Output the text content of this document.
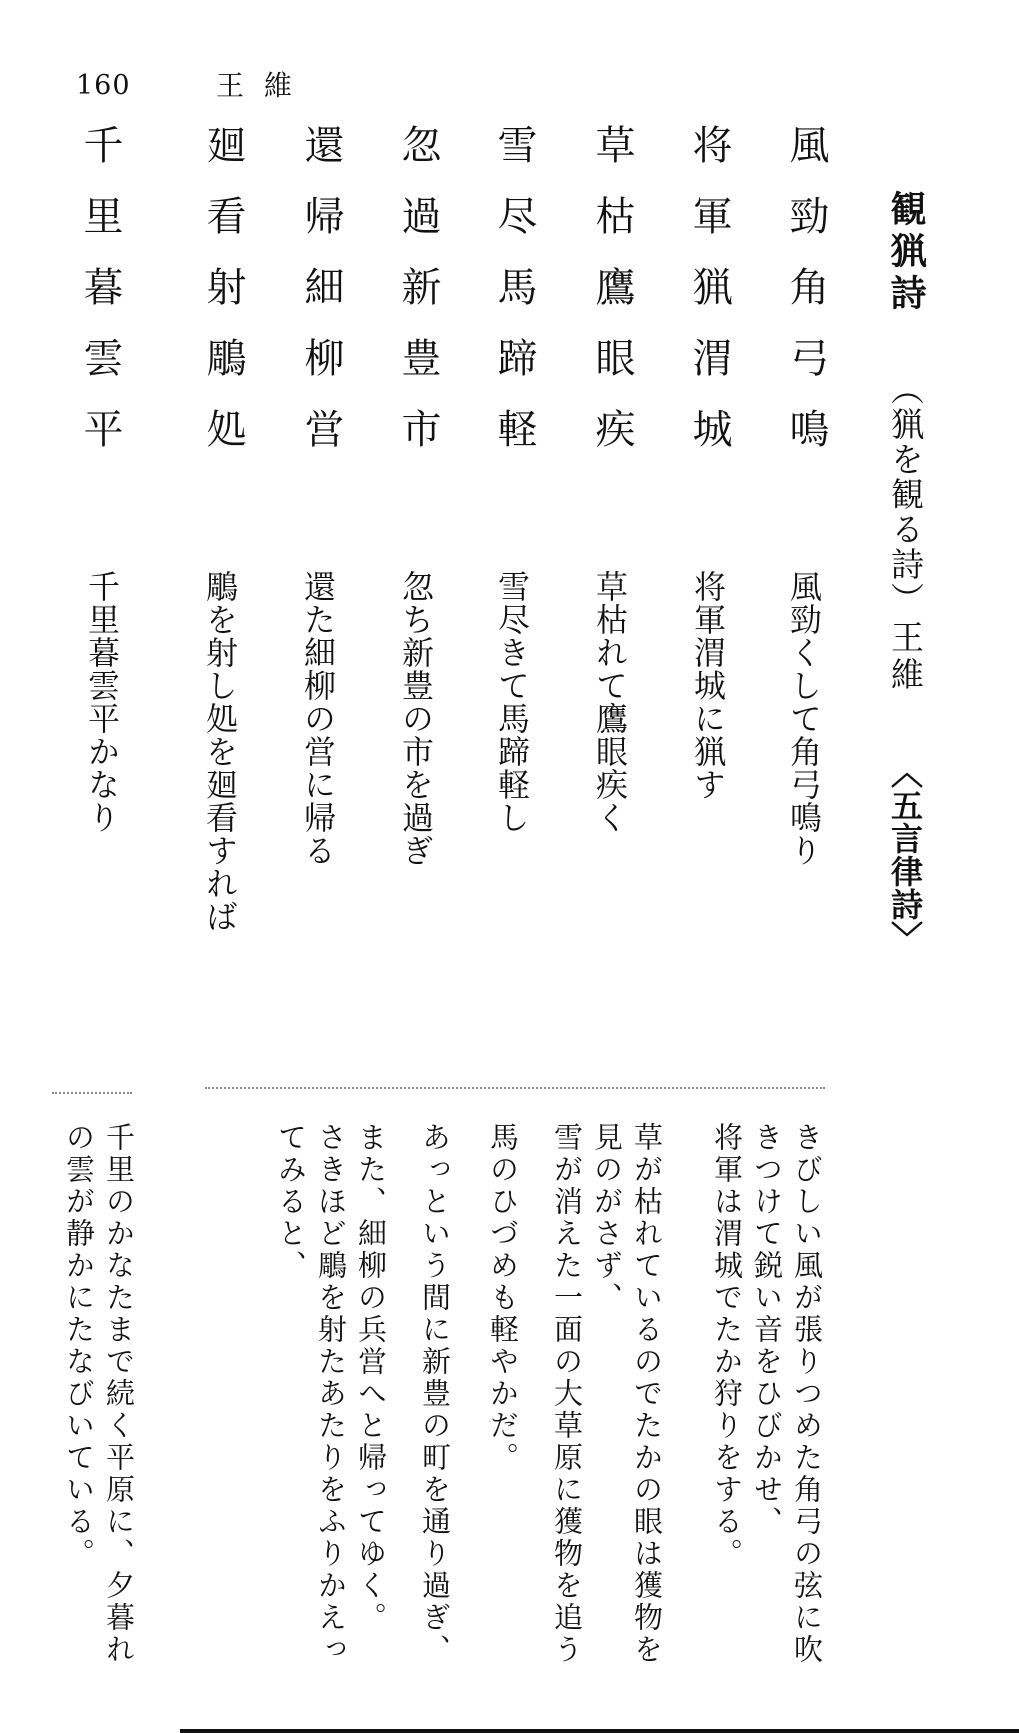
160	王維
観猟詩
（猟を観る詩）
王維
〈五言律詩〉
風勁角弓鳴
将軍猟渭城
草枯鷹眼疾
雪尽馬蹄軽
忽過新豊市
還帰細柳営
廻看射鵰処
千里暮雲平
風勁くして角弓鳴り
将軍渭城に猟す
草枯れて鷹眼疾く
雪尽きて馬蹄軽し
忽ち新豊の市を過ぎ
還た細柳の営に帰る
鵰を射し処を廻看すれば
千里暮雲平かなり
きびしい風が張りつめた角弓の弦に吹
きつけて鋭い音をひびかせ、
将軍は渭城でたか狩りをする。
草が枯れているのでたかの眼は獲物を
見のがさず、
雪が消えた一面の大草原に獲物を追う
馬のひづめも軽やかだ。
あっという間に新豊の町を通り過ぎ、
また、細柳の兵営へと帰ってゆく。
さきほど鵰を射たあたりをふりかえっ
てみると、
千里のかなたまで続く平原に、夕暮れ
の雲が静かにたなびいている。
